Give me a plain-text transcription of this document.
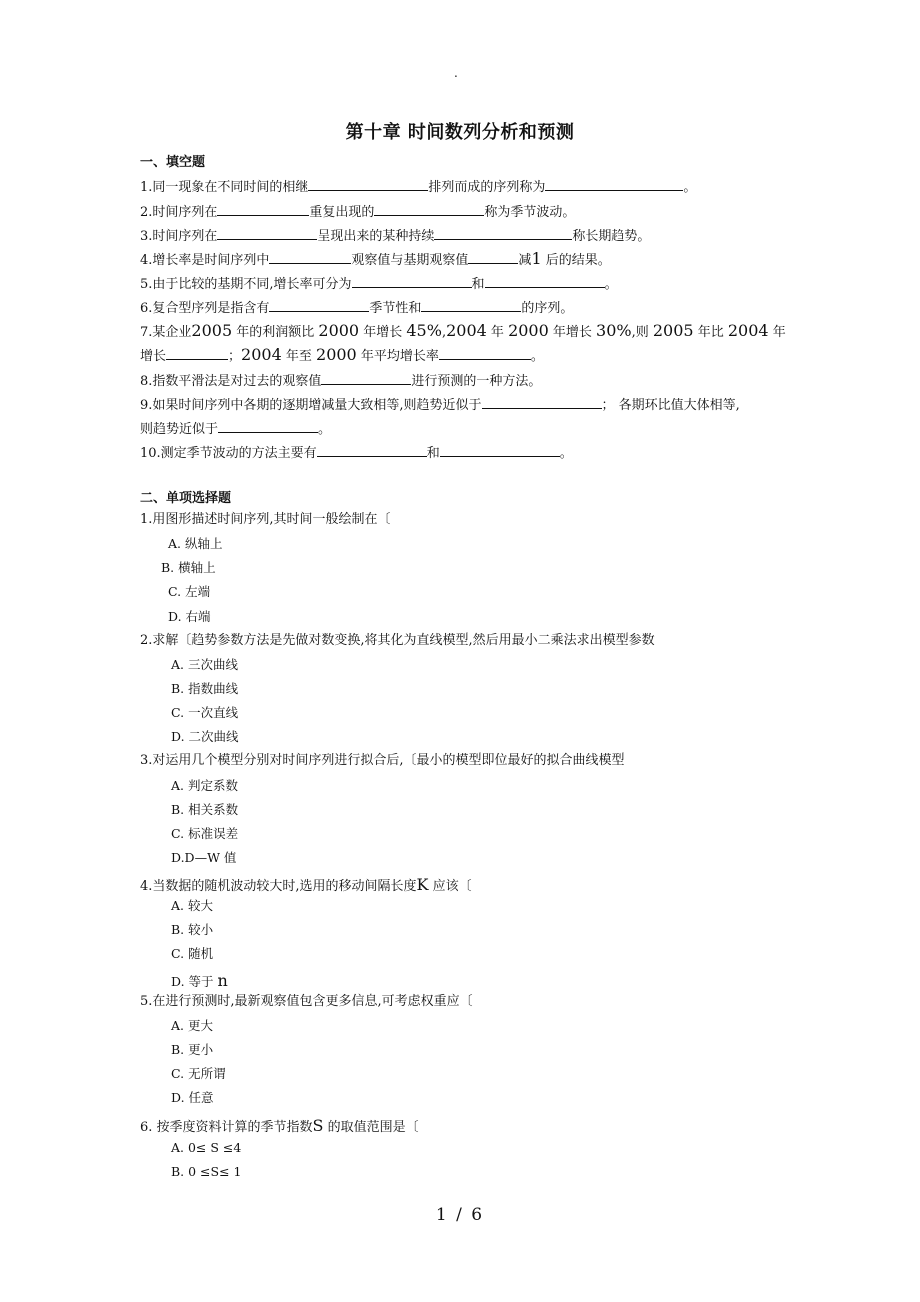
.
第十章 时间数列分析和预测
一、填空题
1.同一现象在不同时间的相继	排列而成的序列称为	。
2.时间序列在	重复出现的	称为季节波动。
3.时间序列在	呈现出来的某种持续	称长期趋势。
4.增长率是时间序列中	观察值与基期观察值	减1 后的结果。
5.由于比较的基期不同,增长率可分为	和	。
6.复合型序列是指含有	季节性和	的序列。
7.某企业2005 年的利润额比 2000 年增长 45%,2004 年 2000 年增长 30%,则 2005 年比 2004 年
增长	；2004 年至 2000 年平均增长率	。
8.指数平滑法是对过去的观察值	进行预测的一种方法。
9.如果时间序列中各期的逐期增减量大致相等,则趋势近似于	； 各期环比值大体相等,
则趋势近似于	。
10.测定季节波动的方法主要有	和	。
二、单项选择题
1.用图形描述时间序列,其时间一般绘制在〔
A. 纵轴上
B. 横轴上
C. 左端
D. 右端
2.求解〔趋势参数方法是先做对数变换,将其化为直线模型,然后用最小二乘法求出模型参数
A. 三次曲线
B. 指数曲线
C. 一次直线
D. 二次曲线
3.对运用几个模型分别对时间序列进行拟合后,〔最小的模型即位最好的拟合曲线模型
A. 判定系数
B. 相关系数
C. 标准误差
D.D—W 值
4.当数据的随机波动较大时,选用的移动间隔长度K 应该〔
A. 较大
B. 较小
C. 随机
D. 等于 n
5.在进行预测时,最新观察值包含更多信息,可考虑权重应〔
A. 更大
B. 更小
C. 无所谓
D. 任意
6. 按季度资料计算的季节指数S 的取值范围是〔
A. 0≤ S ≤4
B. 0 ≤S≤ 1
1 / 6
